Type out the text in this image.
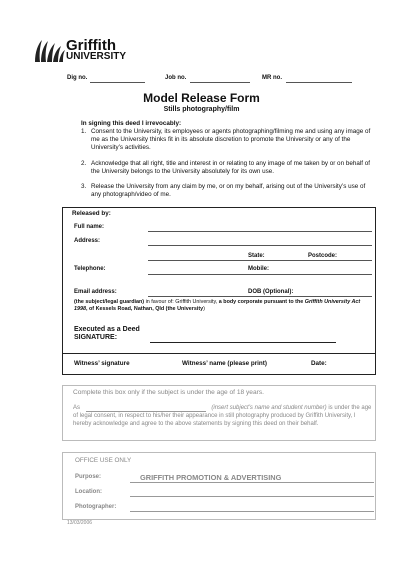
Griffith
UNIVERSITY
Dig no.	Job no.	MR no.
Model Release Form
Stills photography/film
In signing this deed I irrevocably:
1. Consent to the University, its employees or agents photographing/filming me and using any image of me as the University thinks fit in its absolute discretion to promote the University or any of the University’s activities.
2. Acknowledge that all right, title and interest in or relating to any image of me taken by or on behalf of the University belongs to the University absolutely for its own use.
3. Release the University from any claim by me, or on my behalf, arising out of the University’s use of any photograph/video of me.
Released by:
Full name:
Address:
State:	Postcode:
Telephone:	Mobile:
Email address:	DOB (Optional):
(the subject/legal guardian) in favour of: Griffith University, a body corporate pursuant to the Griffith University Act 1998, of Kessels Road, Nathan, Qld (the University)
Executed as a Deed
SIGNATURE:
Witness’ signature	Witness’ name (please print)	Date:
Complete this box only if the subject is under the age of 18 years.
As	(insert subject’s name and student number) is under the age of legal consent, in respect to his/her their appearance in still photography produced by Griffith University, I hereby acknowledge and agree to the above statements by signing this deed on their behalf.
OFFICE USE ONLY
Purpose:	GRIFFITH PROMOTION & ADVERTISING
Location:
Photographer:
13/03/2006
